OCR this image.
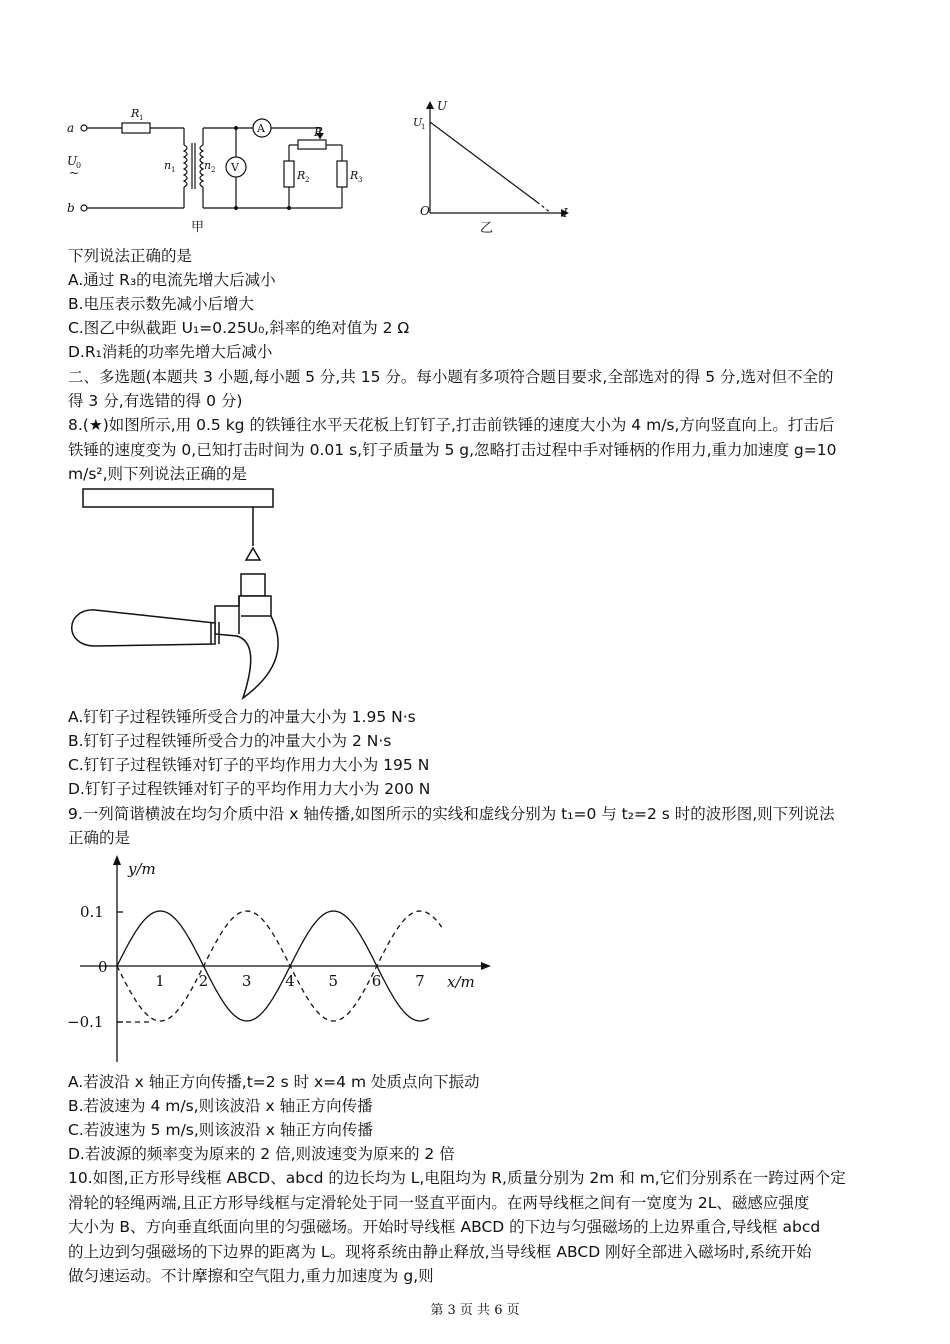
A
V
a
b
U
0
~
R 1
n 1	n 2
R
R 2	R 3
甲
U
I
O
U
1
乙
下列说法正确的是
A.通过 R₃的电流先增大后减小
B.电压表示数先减小后增大
C.图乙中纵截距 U₁=0.25U₀,斜率的绝对值为 2 Ω
D.R₁消耗的功率先增大后减小
二、多选题(本题共 3 小题,每小题 5 分,共 15 分。每小题有多项符合题目要求,全部选对的得 5 分,选对但不全的
得 3 分,有选错的得 0 分)
8.(★)如图所示,用 0.5 kg 的铁锤往水平天花板上钉钉子,打击前铁锤的速度大小为 4 m/s,方向竖直向上。打击后
铁锤的速度变为 0,已知打击时间为 0.01 s,钉子质量为 5 g,忽略打击过程中手对锤柄的作用力,重力加速度 g=10
m/s²,则下列说法正确的是
A.钉钉子过程铁锤所受合力的冲量大小为 1.95 N·s
B.钉钉子过程铁锤所受合力的冲量大小为 2 N·s
C.钉钉子过程铁锤对钉子的平均作用力大小为 195 N
D.钉钉子过程铁锤对钉子的平均作用力大小为 200 N
9.一列简谐横波在均匀介质中沿 x 轴传播,如图所示的实线和虚线分别为 t₁=0 与 t₂=2 s 时的波形图,则下列说法
正确的是
y/m
x/m
0.1
0
−0.1
1 2 3 4 5 6 7
A.若波沿 x 轴正方向传播,t=2 s 时 x=4 m 处质点向下振动
B.若波速为 4 m/s,则该波沿 x 轴正方向传播
C.若波速为 5 m/s,则该波沿 x 轴正方向传播
D.若波源的频率变为原来的 2 倍,则波速变为原来的 2 倍
10.如图,正方形导线框 ABCD、abcd 的边长均为 L,电阻均为 R,质量分别为 2m 和 m,它们分别系在一跨过两个定
滑轮的轻绳两端,且正方形导线框与定滑轮处于同一竖直平面内。在两导线框之间有一宽度为 2L、磁感应强度
大小为 B、方向垂直纸面向里的匀强磁场。开始时导线框 ABCD 的下边与匀强磁场的上边界重合,导线框 abcd
的上边到匀强磁场的下边界的距离为 L。现将系统由静止释放,当导线框 ABCD 刚好全部进入磁场时,系统开始
做匀速运动。不计摩擦和空气阻力,重力加速度为 g,则
第 3 页 共 6 页
